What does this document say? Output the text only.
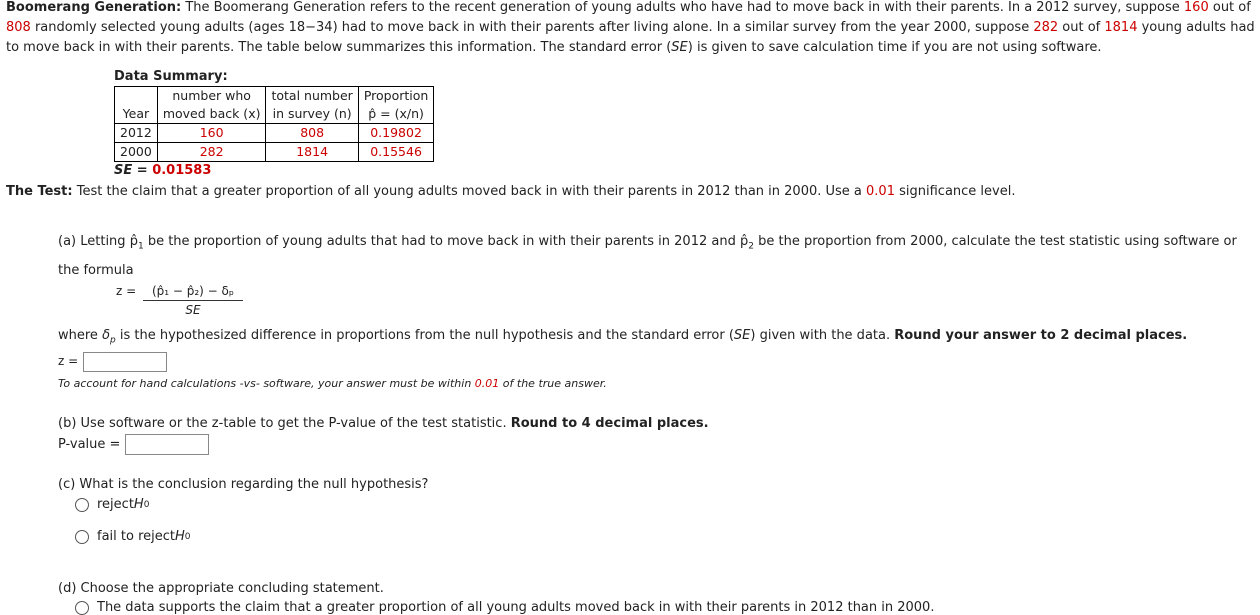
Boomerang Generation: The Boomerang Generation refers to the recent generation of young adults who have had to move back in with their parents. In a 2012 survey, suppose 160 out of 808 randomly selected young adults (ages 18−34) had to move back in with their parents after living alone. In a similar survey from the year 2000, suppose 282 out of 1814 young adults had to move back in with their parents. The table below summarizes this information. The standard error (SE) is given to save calculation time if you are not using software.
Data Summary:
	number who	total number	Proportion
Year	moved back (x)	in survey (n)	p̂ = (x/n)
2012	160	808	0.19802
2000	282	1814	0.15546
SE = 0.01583
The Test: Test the claim that a greater proportion of all young adults moved back in with their parents in 2012 than in 2000. Use a 0.01 significance level.
(a) Letting $p̂_1$ be the proportion of young adults that had to move back in with their parents in 2012 and $p̂_2$ be the proportion from 2000, calculate the test statistic using software or the formula
$z = \frac{\text{(p̂₁ − p̂₂) − δₚ}}{SE}$
where $\delta_p$ is the hypothesized difference in proportions from the null hypothesis and the standard error (SE) given with the data. Round your answer to 2 decimal places.
z =
To account for hand calculations -vs- software, your answer must be within 0.01 of the true answer.
(b) Use software or the z-table to get the P-value of the test statistic. Round to 4 decimal places.
P-value =
(c) What is the conclusion regarding the null hypothesis?
reject H 0
fail to reject H 0
(d) Choose the appropriate concluding statement.
The data supports the claim that a greater proportion of all young adults moved back in with their parents in 2012 than in 2000.
